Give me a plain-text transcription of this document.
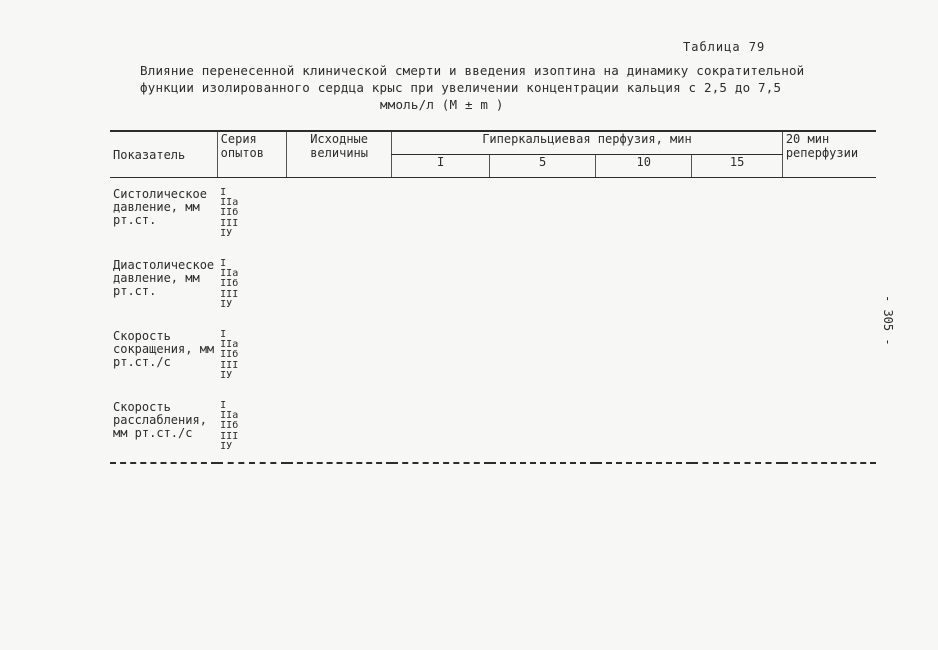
Таблица 79
Влияние перенесенной клинической смерти и введения изоптина на динамику сократительной
функции изолированного сердца крыс при увеличении концентрации кальция с 2,5 до 7,5
ммоль/л (M ± m )
- 305 -
Показатель	Серия опытов	Исходные величины	Гиперкальциевая перфузия, мин				20 мин реперфузии
			I	5	10	15	
Систолическое давление, мм рт.ст.	I
IIa
IIб
III
IУ						
Диастолическое давление, мм рт.ст.	I
IIa
IIб
III
IУ						
Скорость сокращения, мм рт.ст./с	I
IIa
IIб
III
IУ						
Скорость расслабления, мм рт.ст./с	I
IIa
IIб
III
IУ						
